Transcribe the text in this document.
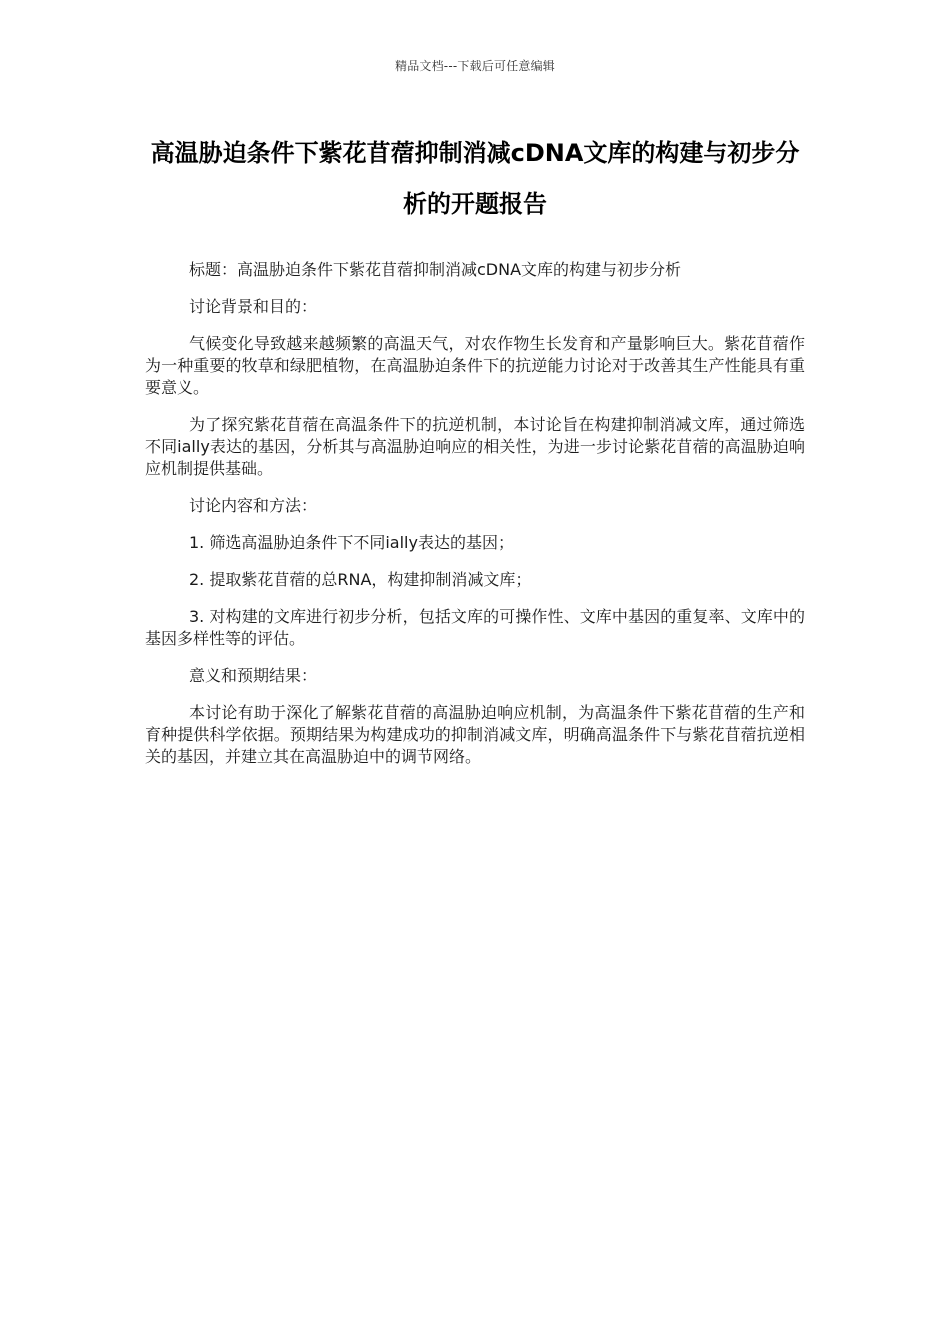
精品文档---下载后可任意编辑
高温胁迫条件下紫花苜蓿抑制消减cDNA文库的构建与初步分析的开题报告

标题：高温胁迫条件下紫花苜蓿抑制消减cDNA文库的构建与初步分析

讨论背景和目的：

气候变化导致越来越频繁的高温天气，对农作物生长发育和产量影响巨大。紫花苜蓿作为一种重要的牧草和绿肥植物，在高温胁迫条件下的抗逆能力讨论对于改善其生产性能具有重要意义。

为了探究紫花苜蓿在高温条件下的抗逆机制，本讨论旨在构建抑制消减文库，通过筛选不同ially表达的基因，分析其与高温胁迫响应的相关性，为进一步讨论紫花苜蓿的高温胁迫响应机制提供基础。

讨论内容和方法：

1. 筛选高温胁迫条件下不同ially表达的基因；

2. 提取紫花苜蓿的总RNA，构建抑制消减文库；

3. 对构建的文库进行初步分析，包括文库的可操作性、文库中基因的重复率、文库中的基因多样性等的评估。

意义和预期结果：

本讨论有助于深化了解紫花苜蓿的高温胁迫响应机制，为高温条件下紫花苜蓿的生产和育种提供科学依据。预期结果为构建成功的抑制消减文库，明确高温条件下与紫花苜蓿抗逆相关的基因，并建立其在高温胁迫中的调节网络。
